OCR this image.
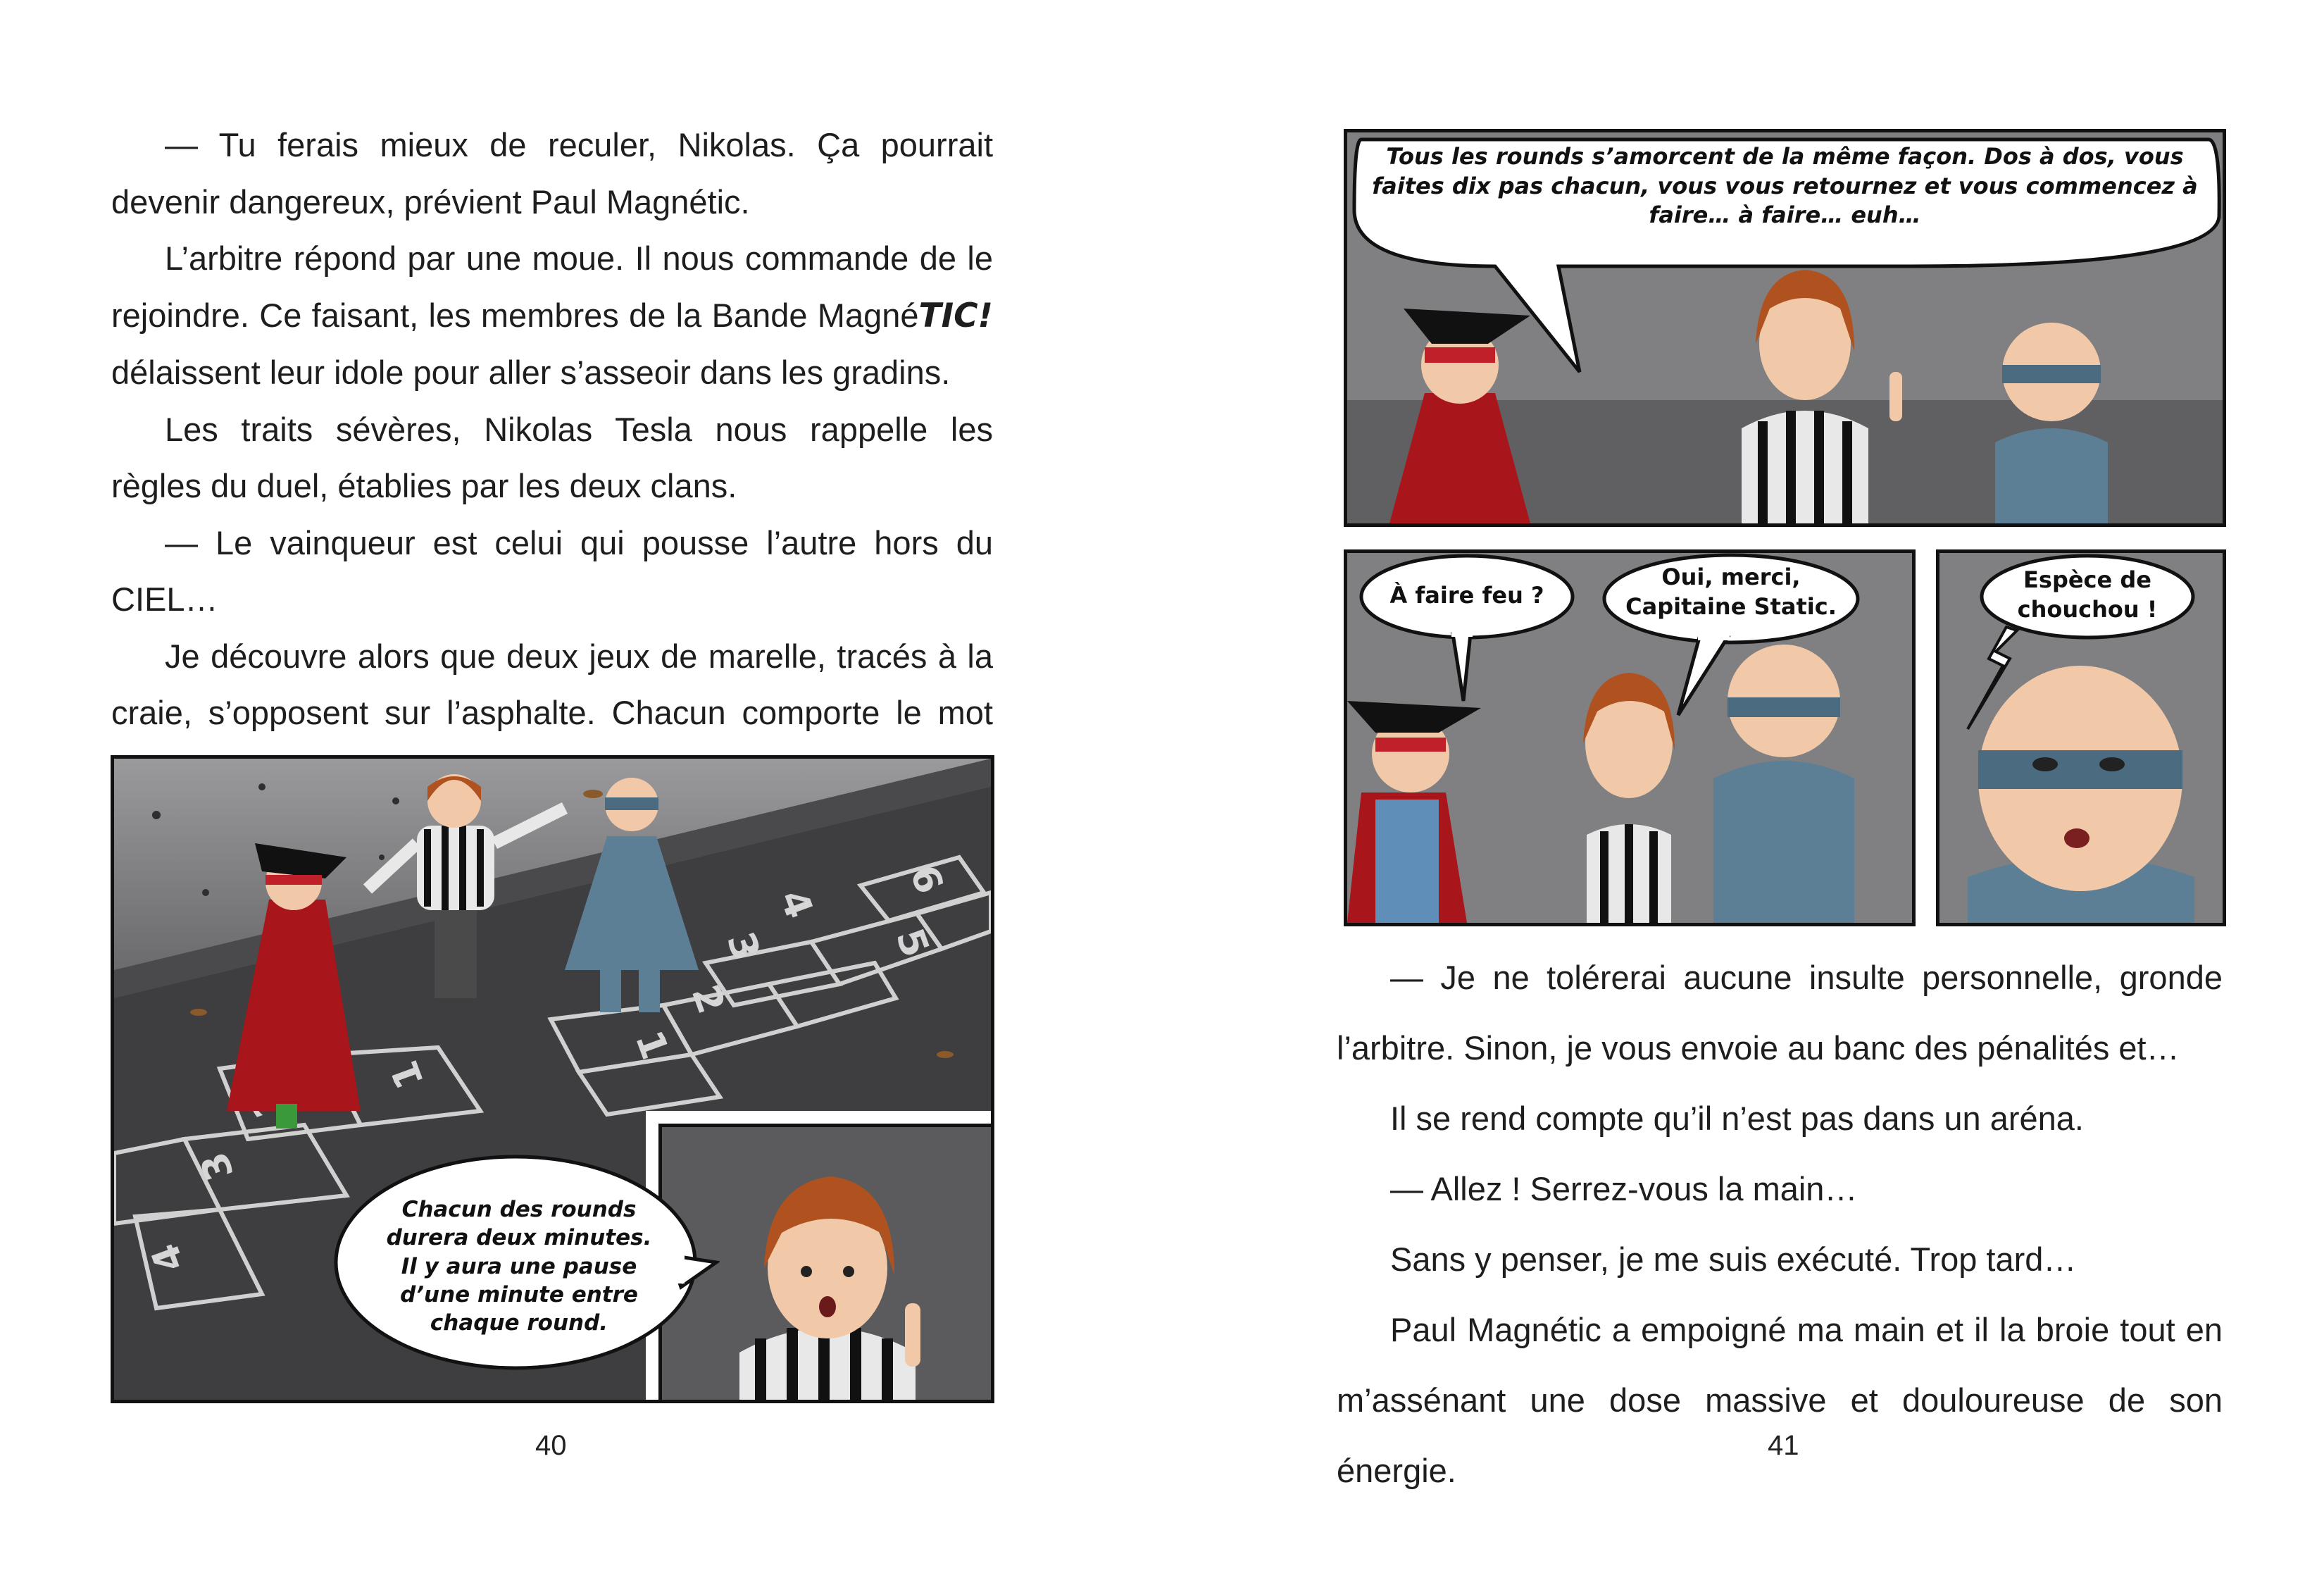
— Tu ferais mieux de reculer, Nikolas. Ça pourrait devenir dangereux, prévient Paul Magnétic.

L’arbitre répond par une moue. Il nous commande de le rejoindre. Ce faisant, les membres de la Bande MagnéTIC! délaissent leur idole pour aller s’asseoir dans les gradins.

Les traits sévères, Nikolas Tesla nous rappelle les règles du duel, établies par les deux clans.

— Le vainqueur est celui qui pousse l’autre hors du CIEL…

Je découvre alors que deux jeux de marelle, tracés à la craie, s’opposent sur l’asphalte. Chacun comporte le mot

4
6
3	5
2
1
1
3
4
Chacun des rounds durera deux minutes. Il y aura une pause d’une minute entre chaque round.
40
Tous les rounds s’amorcent de la même façon. Dos à dos, vous faites dix pas chacun, vous vous retournez et vous commencez à faire… à faire… euh…
À faire feu ?
Oui, merci, Capitaine Static.
Espèce de chouchou !

— Je ne tolérerai aucune insulte personnelle, gronde l’arbitre. Sinon, je vous envoie au banc des pénalités et…

Il se rend compte qu’il n’est pas dans un aréna.

— Allez ! Serrez-vous la main…

Sans y penser, je me suis exécuté. Trop tard…

Paul Magnétic a empoigné ma main et il la broie tout en m’assénant une dose massive et douloureuse de son énergie.

41
